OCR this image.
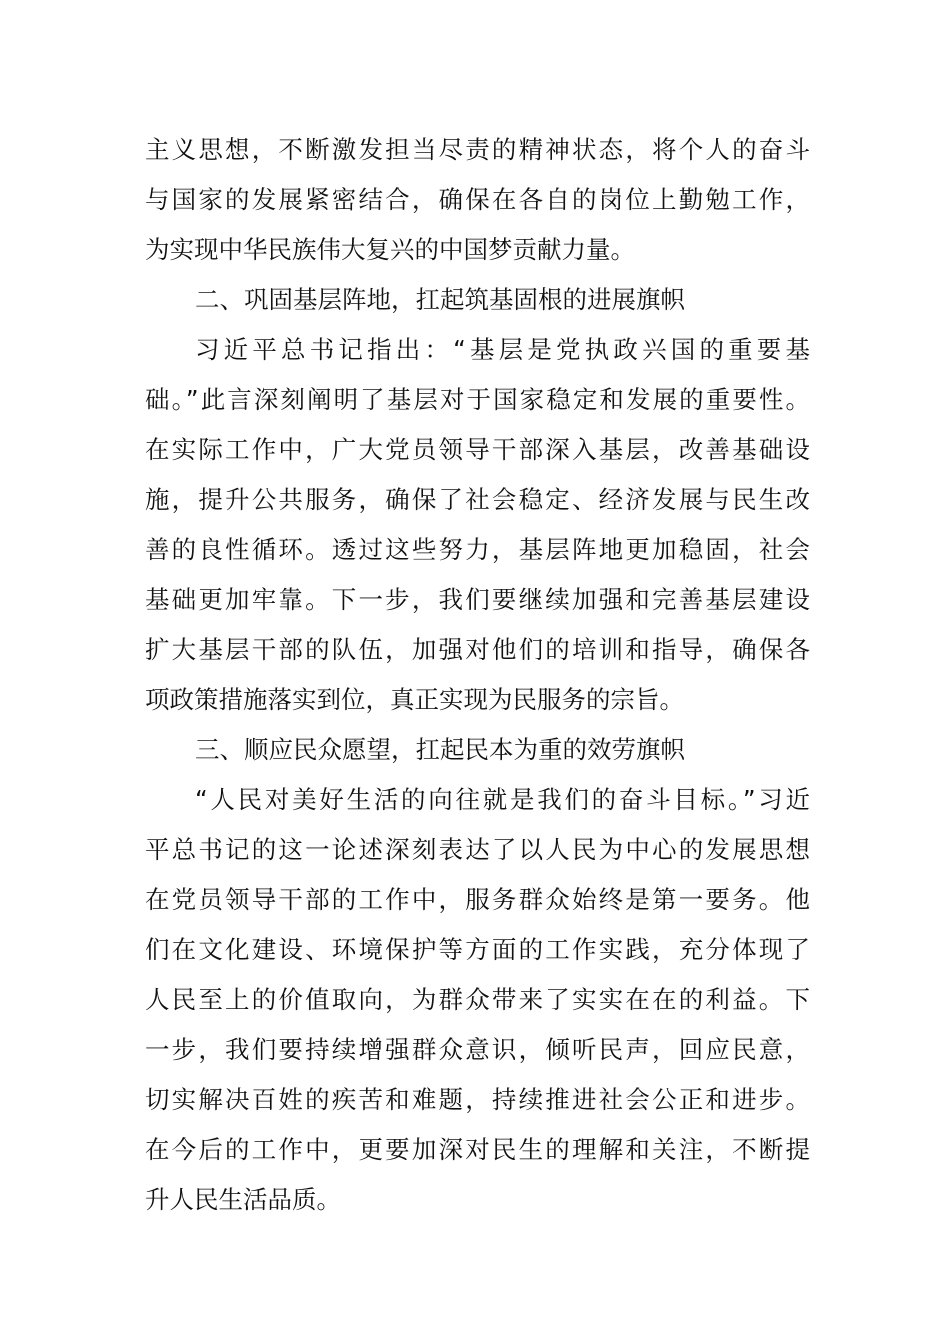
主义思想，不断激发担当尽责的精神状态，将个人的奋斗
与国家的发展紧密结合，确保在各自的岗位上勤勉工作，
为实现中华民族伟大复兴的中国梦贡献力量。
二、巩固基层阵地，扛起筑基固根的进展旗帜
习近平总书记指出：“基层是党执政兴国的重要基
础。”此言深刻阐明了基层对于国家稳定和发展的重要性。
在实际工作中，广大党员领导干部深入基层，改善基础设
施，提升公共服务，确保了社会稳定、经济发展与民生改
善的良性循环。透过这些努力，基层阵地更加稳固，社会
基础更加牢靠。下一步，我们要继续加强和完善基层建设
扩大基层干部的队伍，加强对他们的培训和指导，确保各
项政策措施落实到位，真正实现为民服务的宗旨。
三、顺应民众愿望，扛起民本为重的效劳旗帜
“人民对美好生活的向往就是我们的奋斗目标。”习近
平总书记的这一论述深刻表达了以人民为中心的发展思想
在党员领导干部的工作中，服务群众始终是第一要务。他
们在文化建设、环境保护等方面的工作实践，充分体现了
人民至上的价值取向，为群众带来了实实在在的利益。下
一步，我们要持续增强群众意识，倾听民声，回应民意，
切实解决百姓的疾苦和难题，持续推进社会公正和进步。
在今后的工作中，更要加深对民生的理解和关注，不断提
升人民生活品质。
